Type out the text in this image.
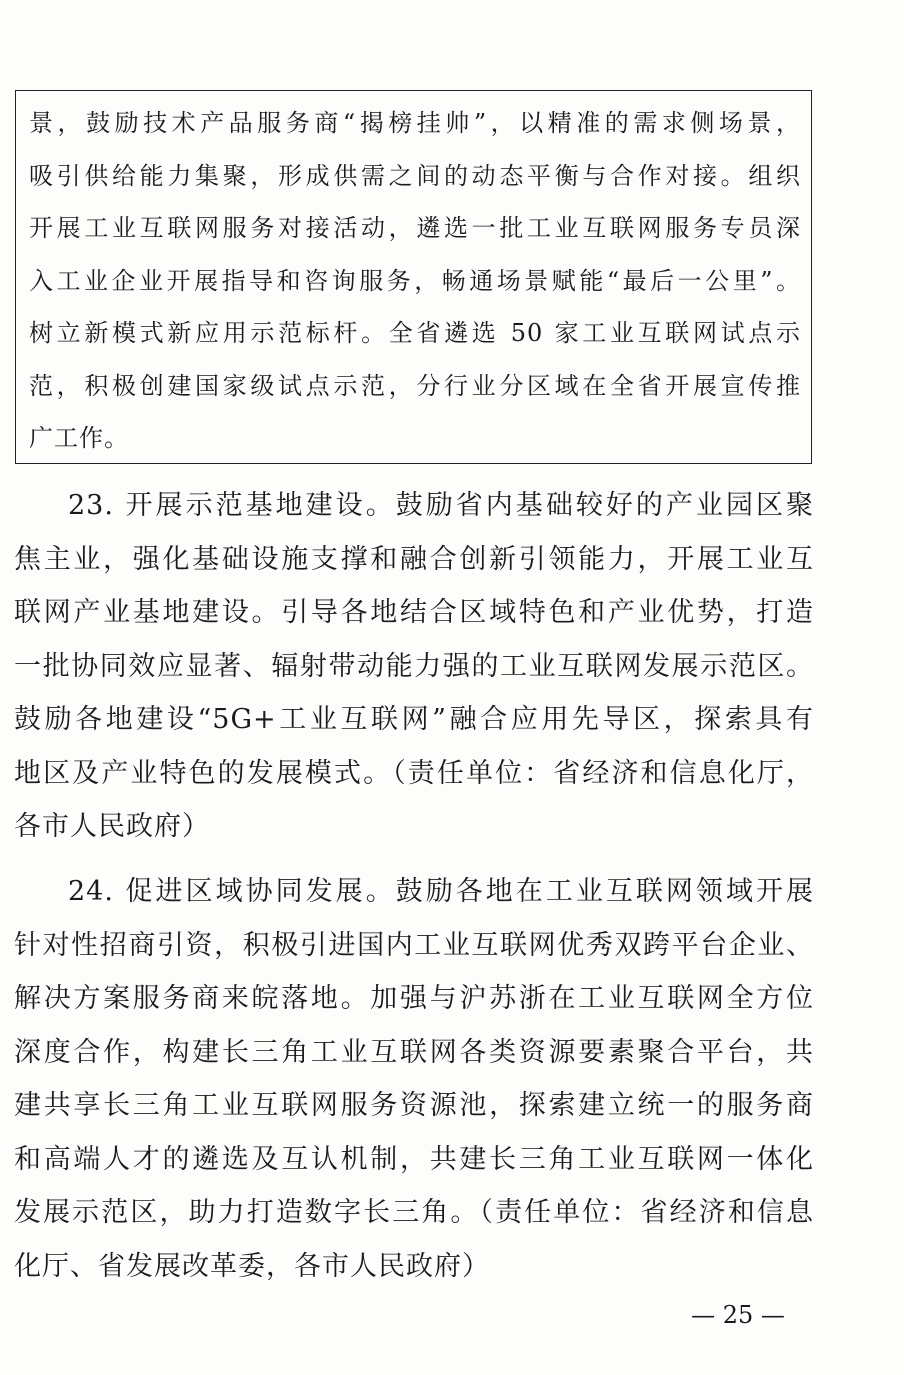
景，鼓励技术产品服务商“揭榜挂帅”，以精准的需求侧场景，
吸引供给能力集聚，形成供需之间的动态平衡与合作对接。组织
开展工业互联网服务对接活动，遴选一批工业互联网服务专员深
入工业企业开展指导和咨询服务，畅通场景赋能“最后一公里”。
树立新模式新应用示范标杆。全省遴选 50 家工业互联网试点示
范，积极创建国家级试点示范，分行业分区域在全省开展宣传推
广工作。
23. 开展示范基地建设。鼓励省内基础较好的产业园区聚
焦主业，强化基础设施支撑和融合创新引领能力，开展工业互
联网产业基地建设。引导各地结合区域特色和产业优势，打造
一批协同效应显著、辐射带动能力强的工业互联网发展示范区。
鼓励各地建设“5G+工业互联网”融合应用先导区，探索具有
地区及产业特色的发展模式。（责任单位：省经济和信息化厅，
各市人民政府）
24. 促进区域协同发展。鼓励各地在工业互联网领域开展
针对性招商引资，积极引进国内工业互联网优秀双跨平台企业、
解决方案服务商来皖落地。加强与沪苏浙在工业互联网全方位
深度合作，构建长三角工业互联网各类资源要素聚合平台，共
建共享长三角工业互联网服务资源池，探索建立统一的服务商
和高端人才的遴选及互认机制，共建长三角工业互联网一体化
发展示范区，助力打造数字长三角。（责任单位：省经济和信息
化厅、省发展改革委，各市人民政府）
— 25 —
